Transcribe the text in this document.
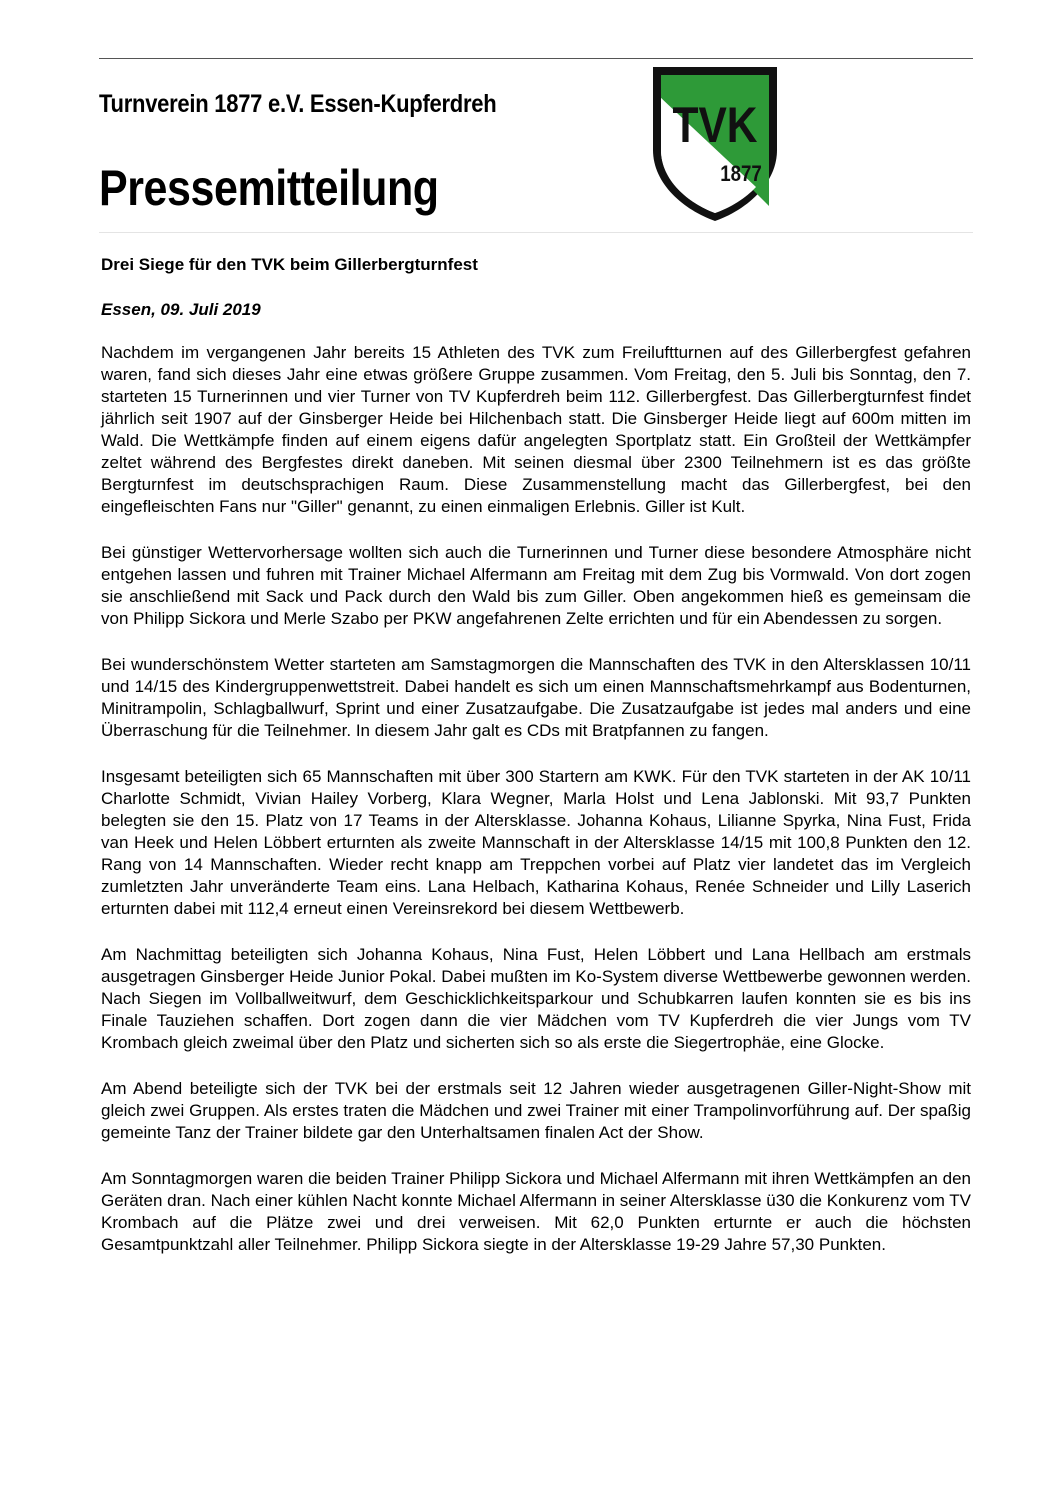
Turnverein 1877 e.V. Essen-Kupferdreh
Pressemitteilung
TVK
1877
Drei Siege für den TVK beim Gillerbergturnfest
Essen, 09. Juli 2019

Nachdem im vergangenen Jahr bereits 15 Athleten des TVK zum Freiluftturnen auf des Gillerbergfest gefahren waren, fand sich dieses Jahr eine etwas größere Gruppe zusammen. Vom Freitag, den 5. Juli bis Sonntag, den 7. starteten 15 Turnerinnen und vier Turner von TV Kupferdreh beim 112. Gillerbergfest. Das Gillerbergturnfest findet jährlich seit 1907 auf der Ginsberger Heide bei Hilchenbach statt. Die Ginsberger Heide liegt auf 600m mitten im Wald. Die Wettkämpfe finden auf einem eigens dafür angelegten Sportplatz statt. Ein Großteil der Wettkämpfer zeltet während des Bergfestes direkt daneben. Mit seinen diesmal über 2300 Teilnehmern ist es das größte Bergturnfest im deutschsprachigen Raum. Diese Zusammenstellung macht das Gillerbergfest, bei den eingefleischten Fans nur "Giller" genannt, zu einen einmaligen Erlebnis. Giller ist Kult.

Bei günstiger Wettervorhersage wollten sich auch die Turnerinnen und Turner diese besondere Atmosphäre nicht entgehen lassen und fuhren mit Trainer Michael Alfermann am Freitag mit dem Zug bis Vormwald. Von dort zogen sie anschließend mit Sack und Pack durch den Wald bis zum Giller. Oben angekommen hieß es gemeinsam die von Philipp Sickora und Merle Szabo per PKW angefahrenen Zelte errichten und für ein Abendessen zu sorgen.

Bei wunderschönstem Wetter starteten am Samstagmorgen die Mannschaften des TVK in den Altersklassen 10/11 und 14/15 des Kindergruppenwettstreit. Dabei handelt es sich um einen Mannschaftsmehrkampf aus Bodenturnen, Minitrampolin, Schlagballwurf, Sprint und einer Zusatzaufgabe. Die Zusatzaufgabe ist jedes mal anders und eine Überraschung für die Teilnehmer. In diesem Jahr galt es CDs mit Bratpfannen zu fangen.

Insgesamt beteiligten sich 65 Mannschaften mit über 300 Startern am KWK. Für den TVK starteten in der AK 10/11 Charlotte Schmidt, Vivian Hailey Vorberg, Klara Wegner, Marla Holst und Lena Jablonski. Mit 93,7 Punkten belegten sie den 15. Platz von 17 Teams in der Altersklasse. Johanna Kohaus, Lilianne Spyrka, Nina Fust, Frida van Heek und Helen Löbbert erturnten als zweite Mannschaft in der Altersklasse 14/15 mit 100,8 Punkten den 12. Rang von 14 Mannschaften. Wieder recht knapp am Treppchen vorbei auf Platz vier landetet das im Vergleich zumletzten Jahr unveränderte Team eins. Lana Helbach, Katharina Kohaus, Renée Schneider und Lilly Laserich erturnten dabei mit 112,4 erneut einen Vereinsrekord bei diesem Wettbewerb.

Am Nachmittag beteiligten sich Johanna Kohaus, Nina Fust, Helen Löbbert und Lana Hellbach am erstmals ausgetragen Ginsberger Heide Junior Pokal. Dabei mußten im Ko-System diverse Wettbewerbe gewonnen werden. Nach Siegen im Vollballweitwurf, dem Geschicklichkeitsparkour und Schubkarren laufen konnten sie es bis ins Finale Tauziehen schaffen. Dort zogen dann die vier Mädchen vom TV Kupferdreh die vier Jungs vom TV Krombach gleich zweimal über den Platz und sicherten sich so als erste die Siegertrophäe, eine Glocke.

Am Abend beteiligte sich der TVK bei der erstmals seit 12 Jahren wieder ausgetragenen Giller-Night-Show mit gleich zwei Gruppen. Als erstes traten die Mädchen und zwei Trainer mit einer Trampolinvorführung auf. Der spaßig gemeinte Tanz der Trainer bildete gar den Unterhaltsamen finalen Act der Show.

Am Sonntagmorgen waren die beiden Trainer Philipp Sickora und Michael Alfermann mit ihren Wettkämpfen an den Geräten dran. Nach einer kühlen Nacht konnte Michael Alfermann in seiner Altersklasse ü30 die Konkurenz vom TV Krombach auf die Plätze zwei und drei verweisen. Mit 62,0 Punkten erturnte er auch die höchsten Gesamtpunktzahl aller Teilnehmer. Philipp Sickora siegte in der Altersklasse 19-29 Jahre 57,30 Punkten.
